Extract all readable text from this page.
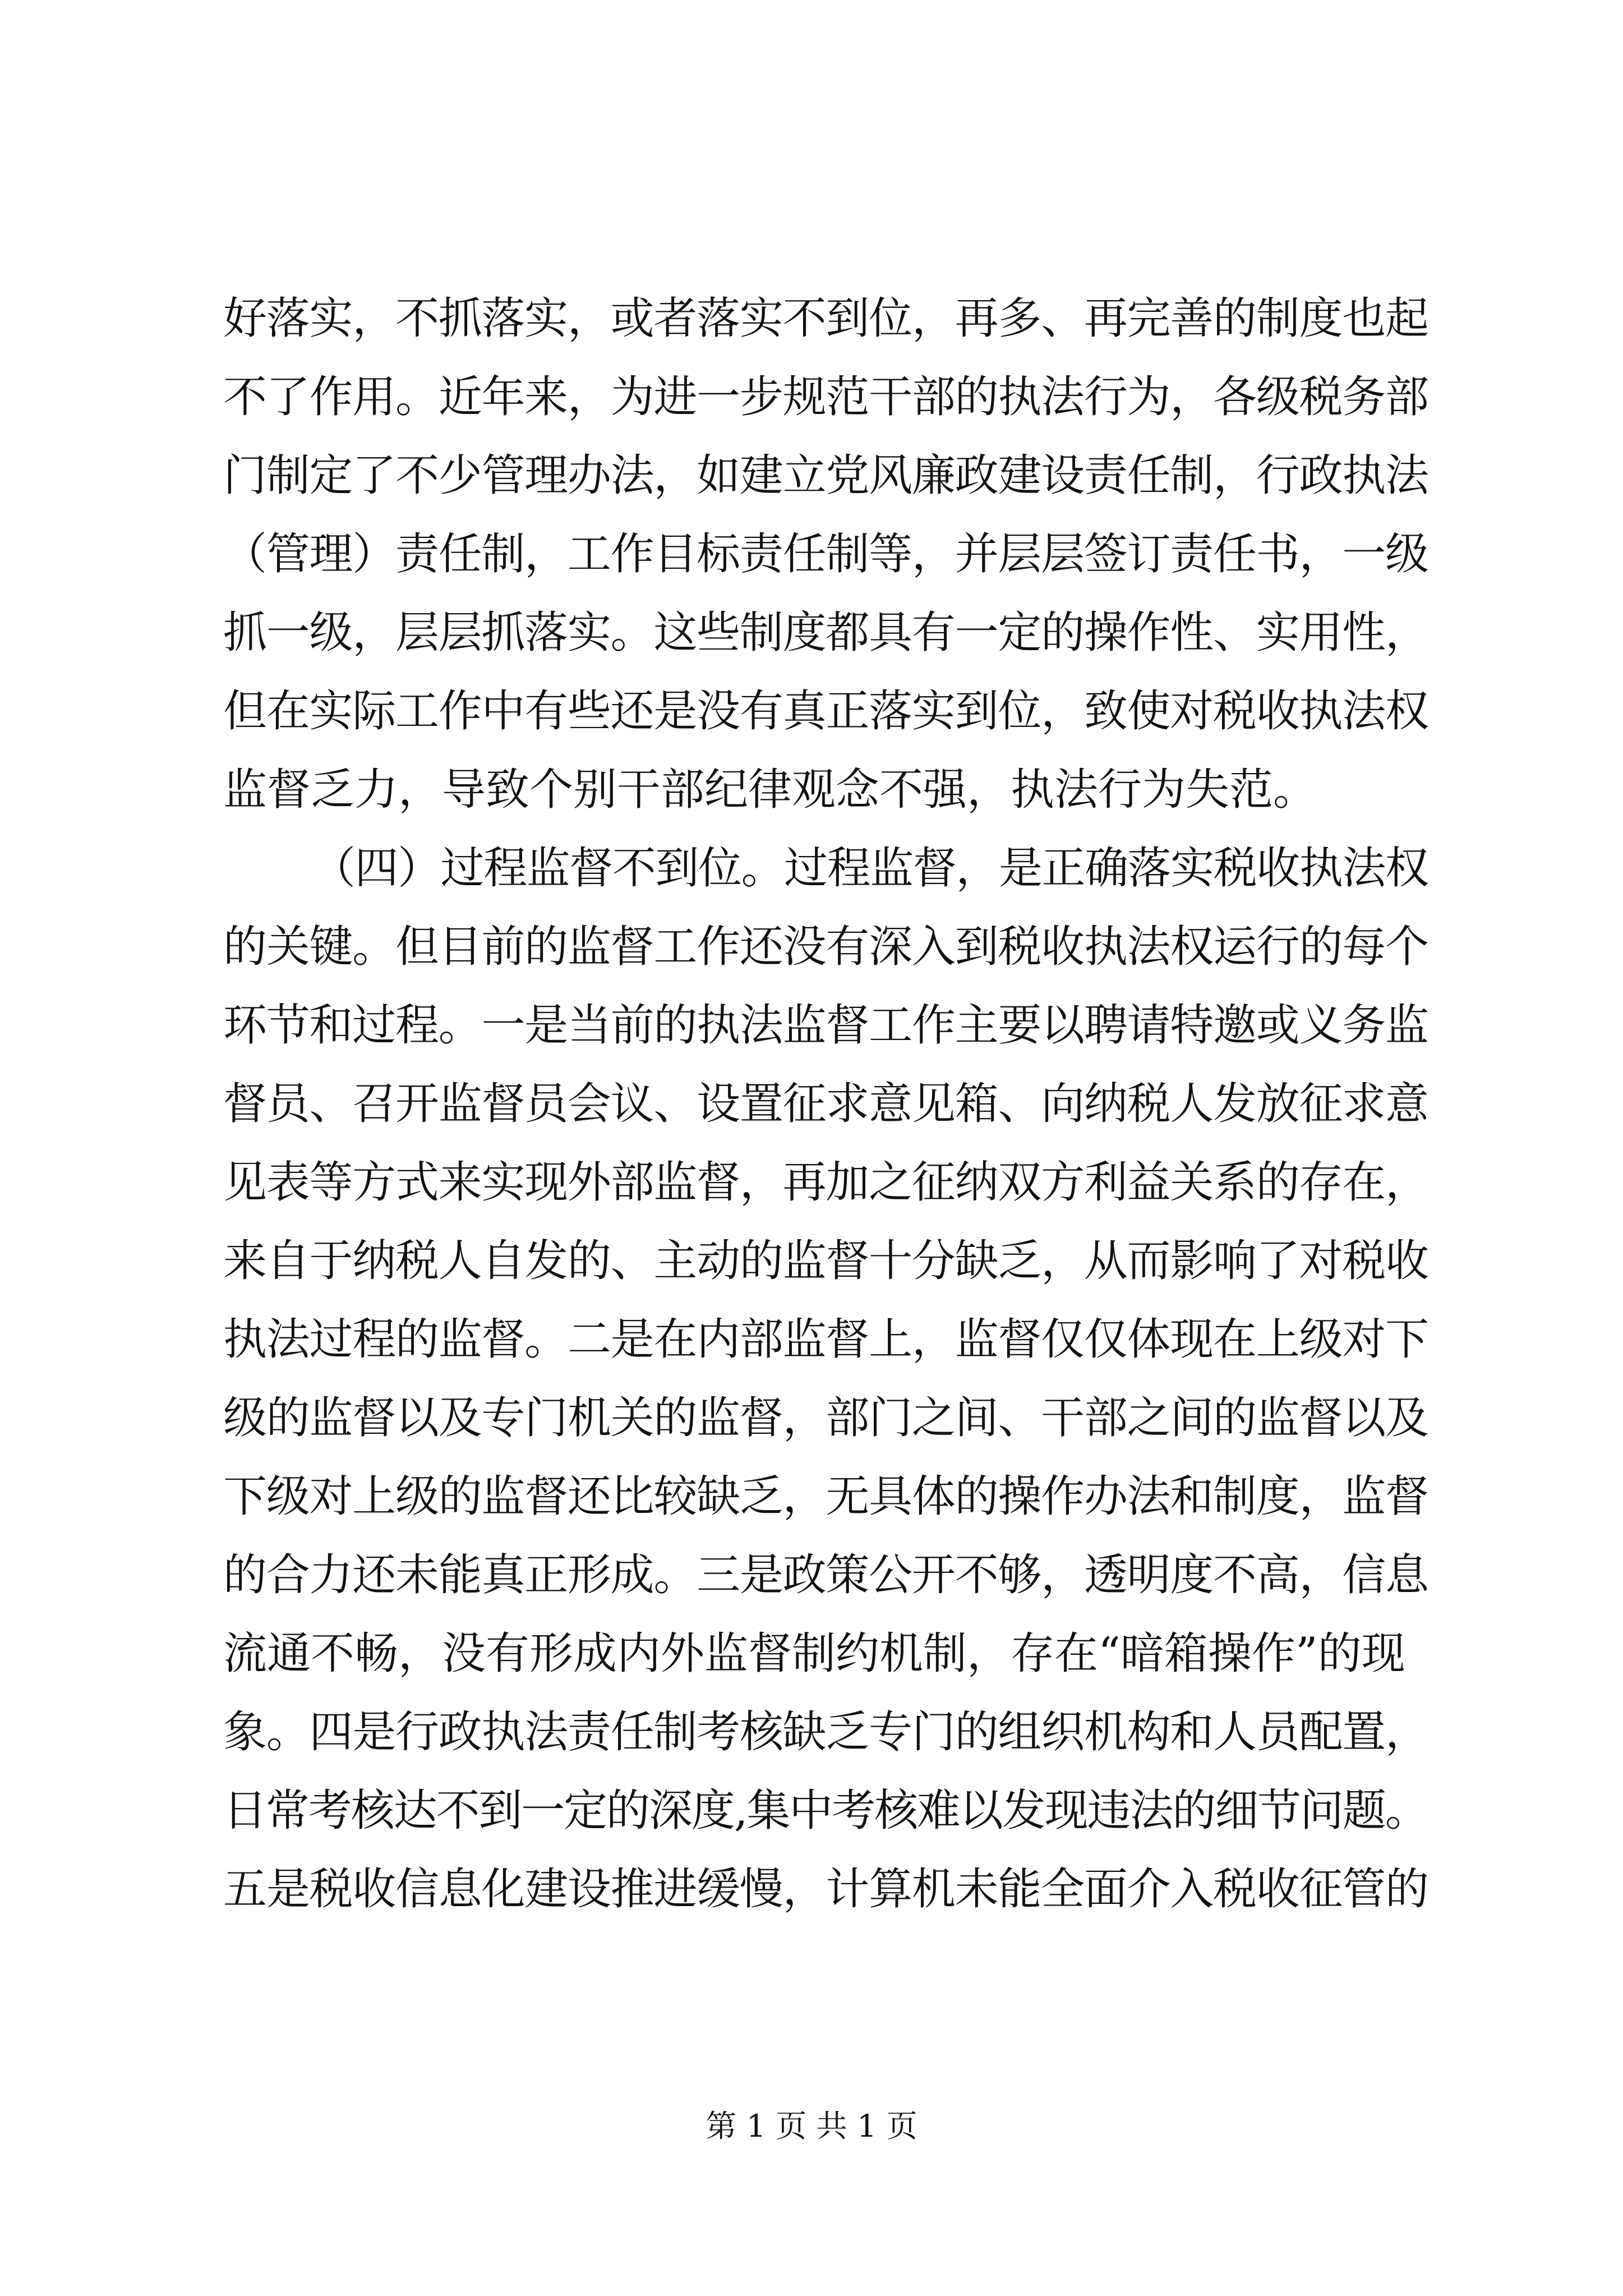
好落实，不抓落实，或者落实不到位，再多、再完善的制度也起
不了作用。近年来，为进一步规范干部的执法行为，各级税务部
门制定了不少管理办法，如建立党风廉政建设责任制，行政执法
（管理）责任制，工作目标责任制等，并层层签订责任书，一级
抓一级，层层抓落实。这些制度都具有一定的操作性、实用性，
但在实际工作中有些还是没有真正落实到位，致使对税收执法权
监督乏力，导致个别干部纪律观念不强，执法行为失范。
（四）过程监督不到位。过程监督，是正确落实税收执法权
的关键。但目前的监督工作还没有深入到税收执法权运行的每个
环节和过程。一是当前的执法监督工作主要以聘请特邀或义务监
督员、召开监督员会议、设置征求意见箱、向纳税人发放征求意
见表等方式来实现外部监督，再加之征纳双方利益关系的存在，
来自于纳税人自发的、主动的监督十分缺乏，从而影响了对税收
执法过程的监督。二是在内部监督上，监督仅仅体现在上级对下
级的监督以及专门机关的监督，部门之间、干部之间的监督以及
下级对上级的监督还比较缺乏，无具体的操作办法和制度，监督
的合力还未能真正形成。三是政策公开不够，透明度不高，信息
流通不畅，没有形成内外监督制约机制，存在“暗箱操作”的现
象。四是行政执法责任制考核缺乏专门的组织机构和人员配置，
日常考核达不到一定的深度,集中考核难以发现违法的细节问题。
五是税收信息化建设推进缓慢，计算机未能全面介入税收征管的
第 1 页 共 1 页
